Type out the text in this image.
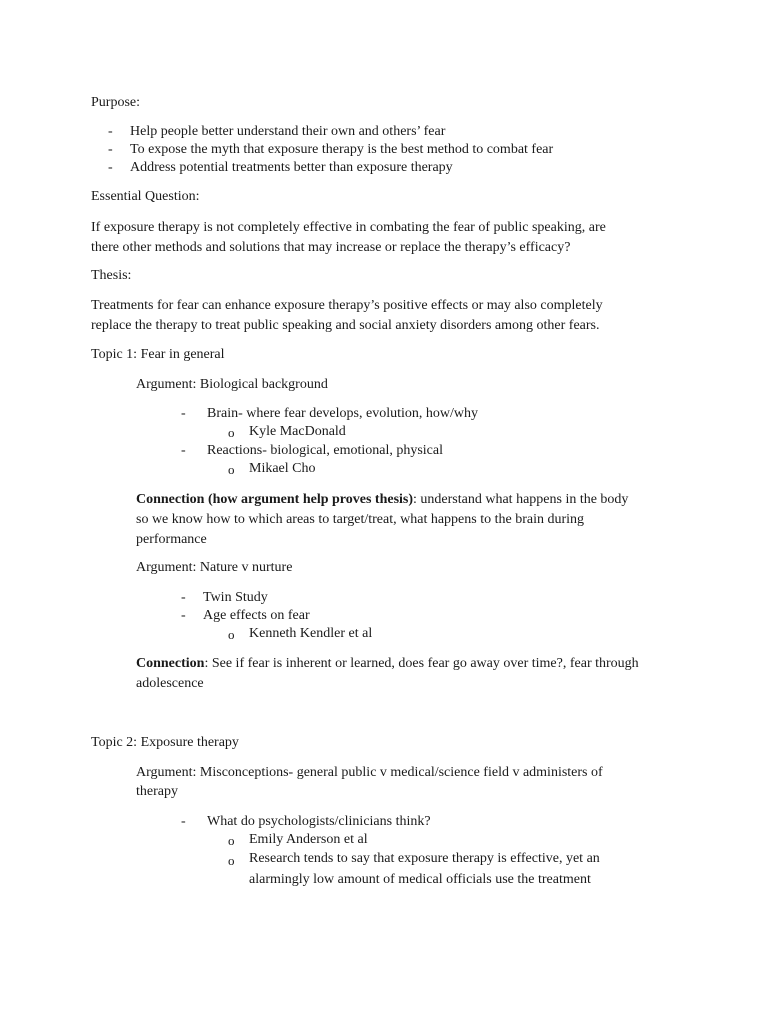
Purpose:
- Help people better understand their own and others’ fear
- To expose the myth that exposure therapy is the best method to combat fear
- Address potential treatments better than exposure therapy
Essential Question:
If exposure therapy is not completely effective in combating the fear of public speaking, are
there other methods and solutions that may increase or replace the therapy’s efficacy?
Thesis:
Treatments for fear can enhance exposure therapy’s positive effects or may also completely
replace the therapy to treat public speaking and social anxiety disorders among other fears.
Topic 1: Fear in general
Argument: Biological background
- Brain- where fear develops, evolution, how/why
o Kyle MacDonald
- Reactions- biological, emotional, physical
o Mikael Cho
Connection (how argument help proves thesis): understand what happens in the body
so we know how to which areas to target/treat, what happens to the brain during
performance
Argument: Nature v nurture
- Twin Study
- Age effects on fear
o Kenneth Kendler et al
Connection: See if fear is inherent or learned, does fear go away over time?, fear through
adolescence
Topic 2: Exposure therapy
Argument: Misconceptions- general public v medical/science field v administers of
therapy
- What do psychologists/clinicians think?
o Emily Anderson et al
o Research tends to say that exposure therapy is effective, yet an
alarmingly low amount of medical officials use the treatment
